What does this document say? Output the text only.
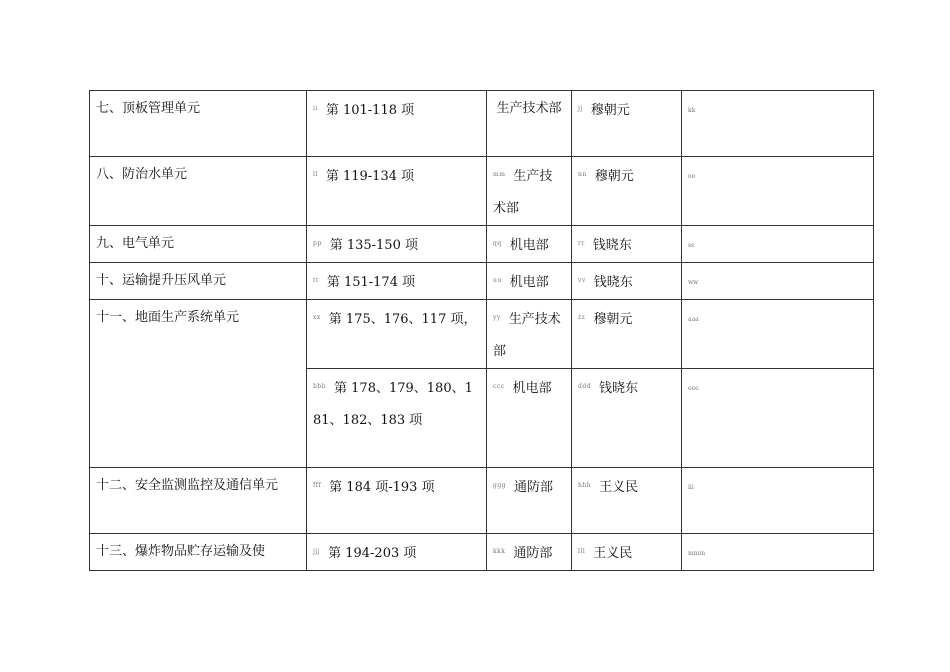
七、顶板管理单元	$^{ii}$ 第 101-118 项	生产技术部	$^{jj}$ 穆朝元	kk
八、防治水单元	$^{ll}$ 第 119-134 项	$^{mm}$ 生产技术部	$^{nn}$ 穆朝元	oo
九、电气单元	$^{pp}$ 第 135-150 项	$^{qq}$ 机电部	$^{rr}$ 钱晓东	ss
十、运输提升压风单元	$^{tt}$ 第 151-174 项	$^{uu}$ 机电部	$^{vv}$ 钱晓东	ww
十一、地面生产系统单元	$^{xx}$ 第 175、176、117 项，	$^{yy}$ 生产技术部	$^{zz}$ 穆朝元	aaa
	$^{bbb}$ 第 178、179、180、181、182、183 项	$^{ccc}$ 机电部	$^{ddd}$ 钱晓东	eee
十二、安全监测监控及通信单元	$^{fff}$ 第 184 项-193 项	$^{ggg}$ 通防部	$^{hhh}$ 王义民	iii
十三、爆炸物品贮存运输及使	$^{jjj}$ 第 194-203 项	$^{kkk}$ 通防部	$^{lll}$ 王义民	mmm
